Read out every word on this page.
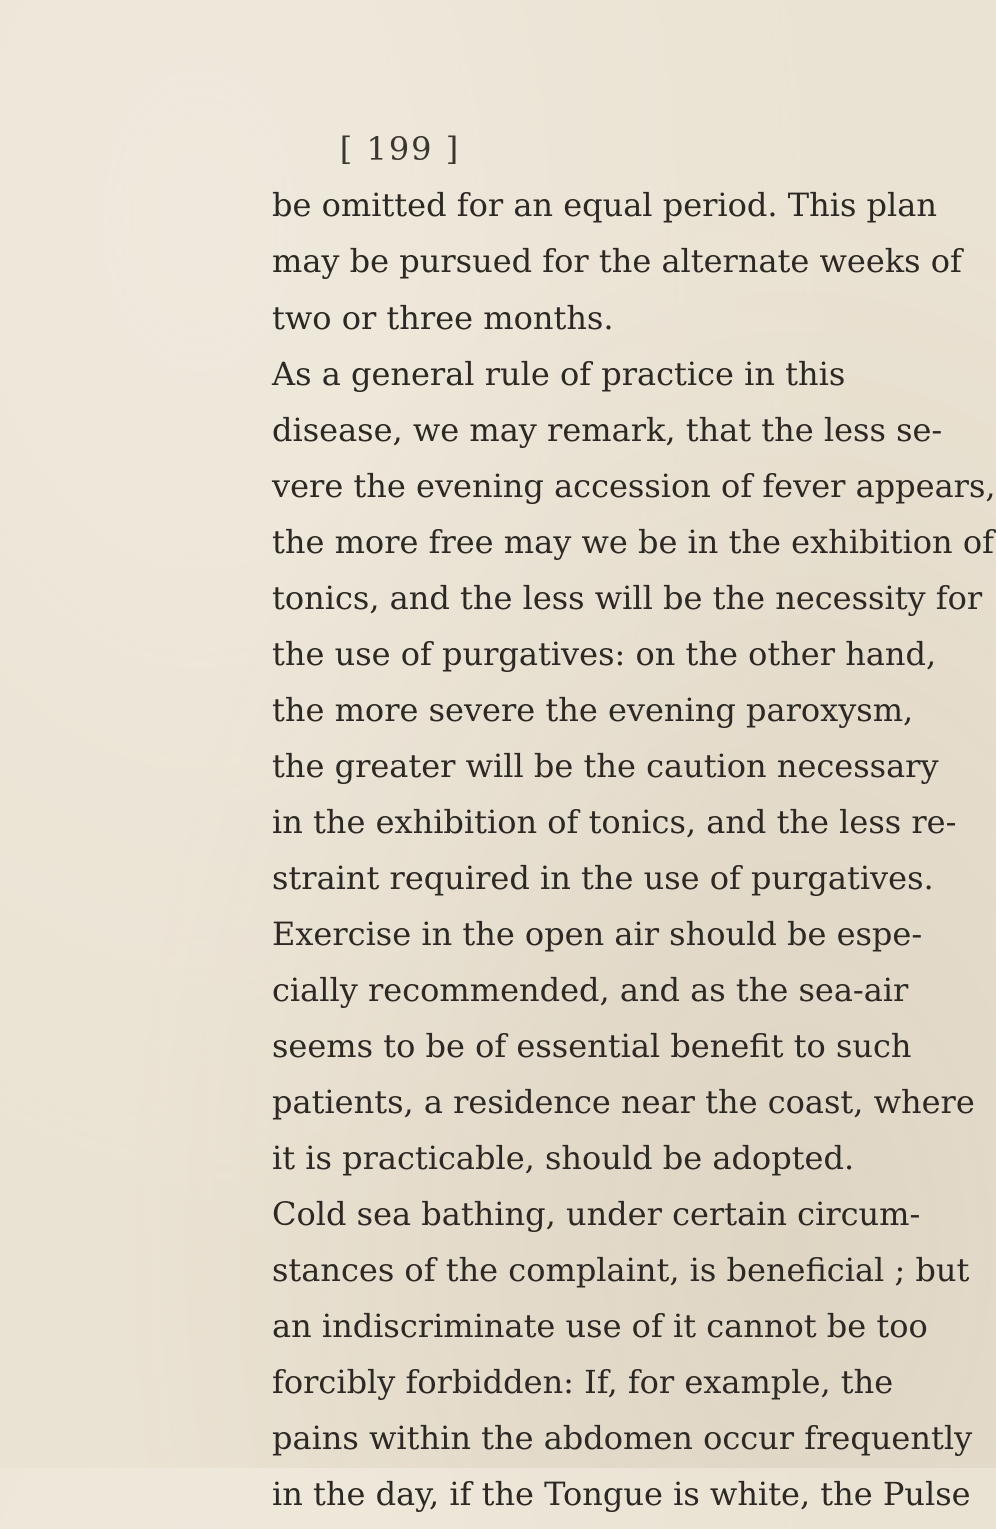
[ 199 ]
be omitted for an equal period. This plan
may be pursued for the alternate weeks of
two or three months.
As a general rule of practice in this
disease, we may remark, that the less se-
vere the evening accession of fever appears,
the more free may we be in the exhibition of
tonics, and the less will be the necessity for
the use of purgatives: on the other hand,
the more severe the evening paroxysm,
the greater will be the caution necessary
in the exhibition of tonics, and the less re-
straint required in the use of purgatives.
Exercise in the open air should be espe-
cially recommended, and as the sea-air
seems to be of essential benefit to such
patients, a residence near the coast, where
it is practicable, should be adopted.
Cold sea bathing, under certain circum-
stances of the complaint, is beneficial ; but
an indiscriminate use of it cannot be too
forcibly forbidden: If, for example, the
pains within the abdomen occur frequently
in the day, if the Tongue is white, the Pulse
